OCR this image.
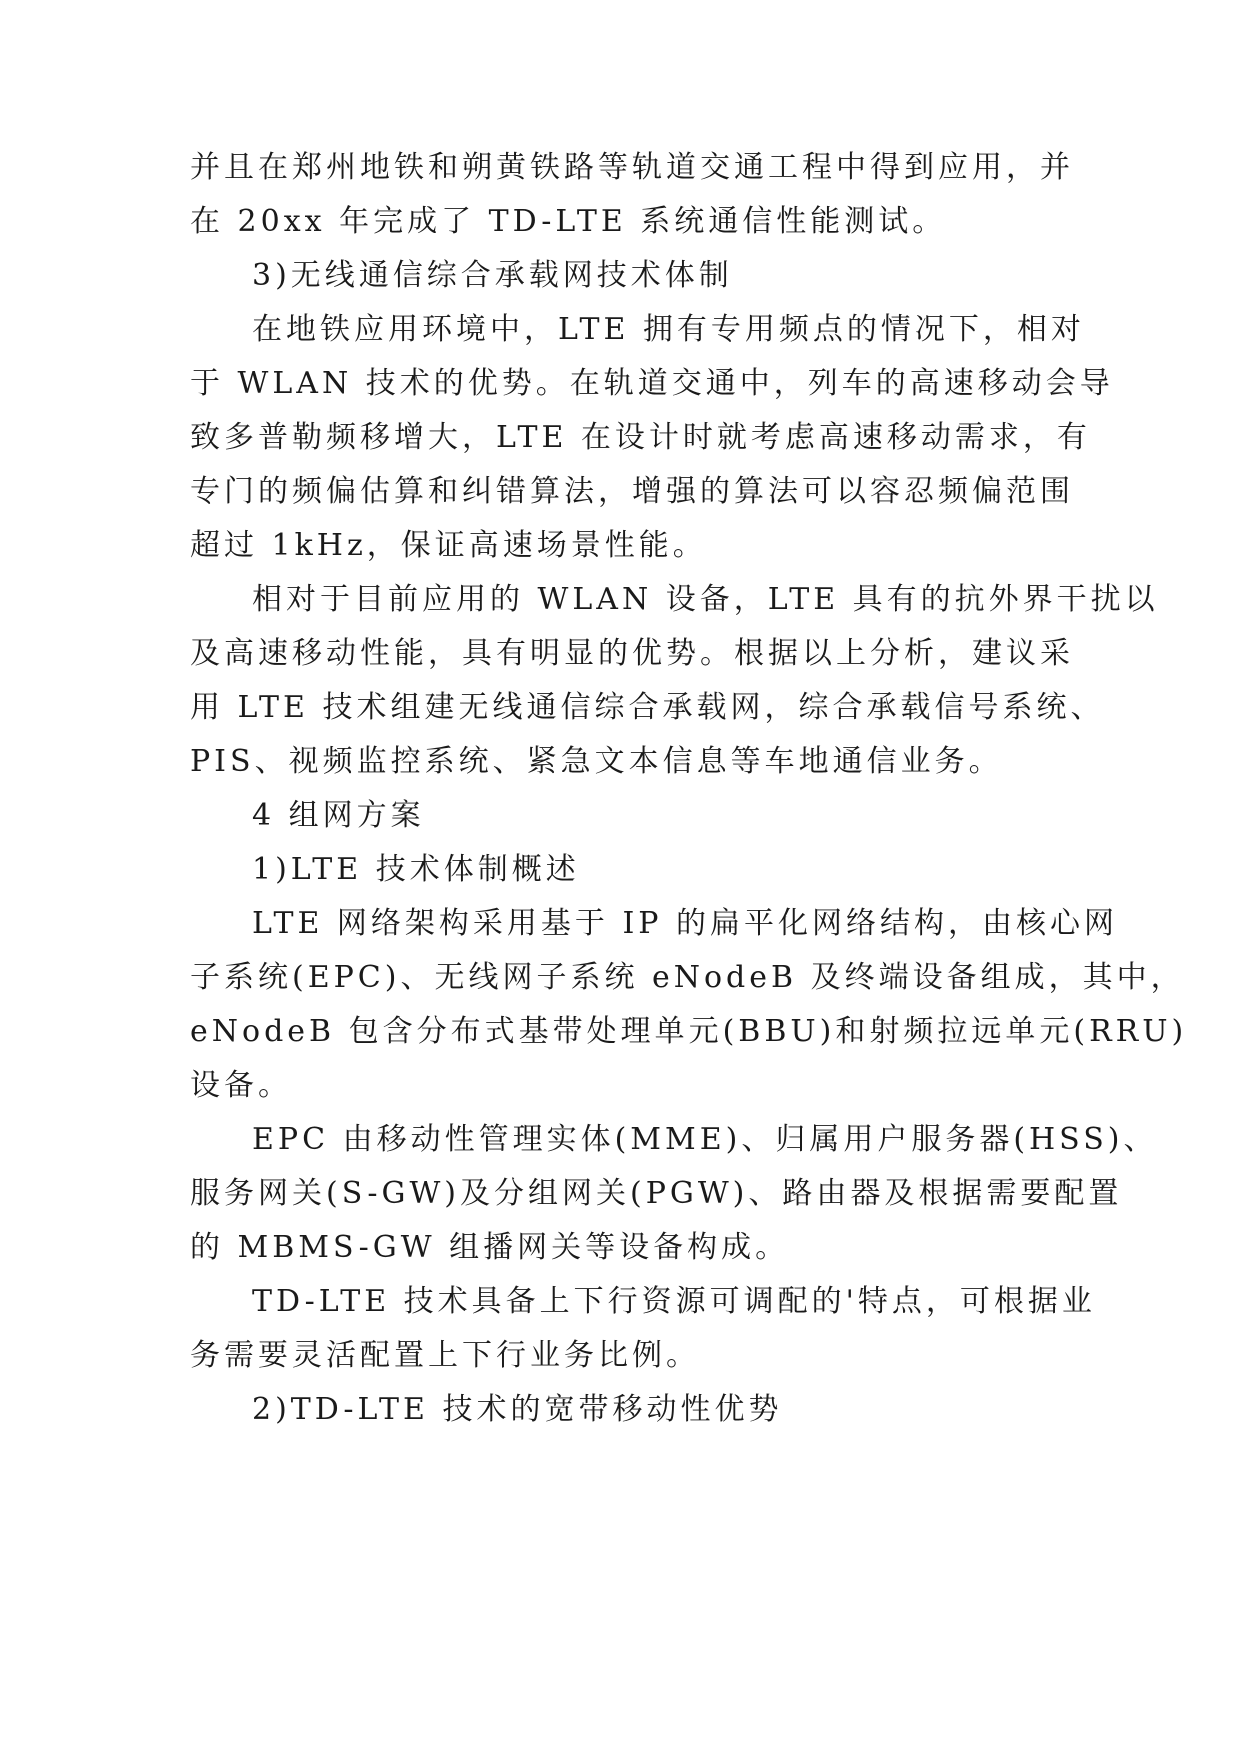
并且在郑州地铁和朔黄铁路等轨道交通工程中得到应用，并
在 20xx 年完成了 TD-LTE 系统通信性能测试。
3)无线通信综合承载网技术体制
在地铁应用环境中，LTE 拥有专用频点的情况下，相对
于 WLAN 技术的优势。在轨道交通中，列车的高速移动会导
致多普勒频移增大，LTE 在设计时就考虑高速移动需求，有
专门的频偏估算和纠错算法，增强的算法可以容忍频偏范围
超过 1kHz，保证高速场景性能。
相对于目前应用的 WLAN 设备，LTE 具有的抗外界干扰以
及高速移动性能，具有明显的优势。根据以上分析，建议采
用 LTE 技术组建无线通信综合承载网，综合承载信号系统、
PIS、视频监控系统、紧急文本信息等车地通信业务。
4 组网方案
1)LTE 技术体制概述
LTE 网络架构采用基于 IP 的扁平化网络结构，由核心网
子系统(EPC)、无线网子系统 eNodeB 及终端设备组成，其中，
eNodeB 包含分布式基带处理单元(BBU)和射频拉远单元(RRU)
设备。
EPC 由移动性管理实体(MME)、归属用户服务器(HSS)、
服务网关(S-GW)及分组网关(PGW)、路由器及根据需要配置
的 MBMS-GW 组播网关等设备构成。
TD-LTE 技术具备上下行资源可调配的'特点，可根据业
务需要灵活配置上下行业务比例。
2)TD-LTE 技术的宽带移动性优势
